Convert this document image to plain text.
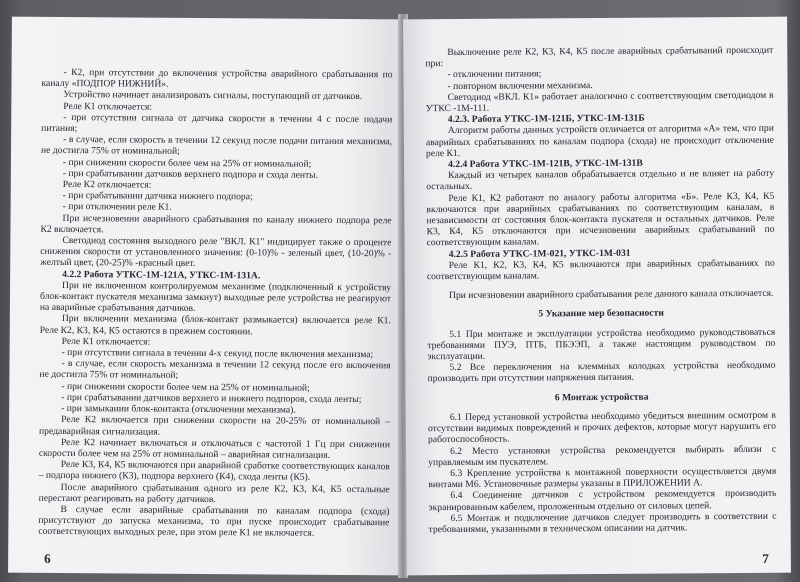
- К2, при отсутствии до включения устройства аварийного срабатывания по каналу «ПОДПОР НИЖНИЙ».

Устройство начинает анализировать сигналы, поступающий от датчиков.

Реле К1 отключается:

- при отсутствии сигнала от датчика скорости в течении 4 с после подачи питания;

- в случае, если скорость в течении 12 секунд после подачи питания механизма, не достигла 75% от номинальной;

- при снижении скорости более чем на 25% от номинальной;

- при срабатывании датчиков верхнего подпора и схода ленты.

Реле К2 отключается:

- при срабатывании датчика нижнего подпора;

- при отключении реле К1.

При исчезновении аварийного срабатывания по каналу нижнего подпора реле К2 включается.

Светодиод состояния выходного реле "ВКЛ. К1" индицирует также о процентe снижения скорости от установленного значения: (0-10)% - зеленый цвет, (10-20)% - желтый цвет, (20-25)% -красный цвет.

4.2.2 Работа УТКС-1М-121А, УТКС-1М-131А.

При не включенном контролируемом механизме (подключенный к устройству блок-контакт пускателя механизма замкнут) выходные реле устройства не реагируют на аварийные срабатывания датчиков.

При включении механизма (блок-контакт размыкается) включается реле К1. Реле К2, К3, К4, К5 остаются в прежнем состоянии.

Реле К1 отключается:

- при отсутствии сигнала в течении 4-х секунд после включения механизма;

- в случае, если скорость механизма в течении 12 секунд после его включения не достигла 75% от номинальной;

- при снижении скорости более чем на 25% от номинальной;

- при срабатывании датчиков верхнего и нижнего подпоров, схода ленты;

- при замыкании блок-контакта (отключении механизма).

Реле К2 включается при снижении скорости на 20-25% от номинальной – предаварийная сигнализация.

Реле К2 начинает включаться и отключаться с частотой 1 Гц при снижении скорости более чем на 25% от номинальной – аварийная сигнализация.

Реле К3, К4, К5 включаются при аварийной сработке соответствующих каналов – подпора нижнего (К3), подпора верхнего (К4), схода ленты (К5).

После аварийного срабатывания одного из реле К2, К3, К4, К5 остальные перестают реагировать на работу датчиков.

В случае если аварийные срабатывания по каналам подпора (схода) присутствуют до запуска механизма, то при пуске происходит срабатывание соответствующих выходных реле, при этом реле К1 не включается.

6

Выключение реле К2, К3, К4, К5 после аварийных срабатываний происходит при:

- отключении питания;

- повторном включении механизма.

Светодиод «ВКЛ. К1» работает аналогично с соответствующим светодиодом в УТКС -1М-111.

4.2.3. Работа УТКС-1М-121Б, УТКС-1М-131Б

Алгоритм работы данных устройств отличается от алгоритма «А» тем, что при аварийных срабатываниях по каналам подпора (схода) не происходит отключение реле К1.

4.2.4 Работа УТКС-1М-121В, УТКС-1М-131В

Каждый из четырех каналов обрабатывается отдельно и не влияет на работу остальных.

Реле К1, К2 работают по аналогу работы алгоритма «Б». Реле К3, К4, К5 включаются при аварийных срабатываниях по соответствующим каналам, в независимости от состояния блок-контакта пускателя и остальных датчиков. Реле К3, К4, К5 отключаются при исчезновении аварийных срабатываний по соответствующим каналам.

4.2.5 Работа УТКС-1М-021, УТКС-1М-031

Реле К1, К2, К3, К4, К5 включаются при аварийных срабатываниях по соответствующим каналам.

При исчезновении аварийного срабатывания реле данного канала отключается.

5 Указание мер безопасности

5.1 При монтаже и эксплуатации устройства необходимо руководствоваться требованиями ПУЭ, ПТБ, ПБЭЭП, а также настоящим руководством по эксплуатации.

5.2 Все переключения на клеммных колодках устройства необходимо производить при отсутствии напряжения питания.

6 Монтаж устройства

6.1 Перед установкой устройства необходимо убедиться внешним осмотром в отсутствии видимых повреждений и прочих дефектов, которые могут нарушить его работоспособность.

6.2 Место установки устройства рекомендуется выбирать вблизи с управляемым им пускателем.

6.3 Крепление устройства к монтажной поверхности осуществляется двумя винтами М6. Установочные размеры указаны в ПРИЛОЖЕНИИ А.

6.4 Соединение датчиков с устройством рекомендуется производить экранированным кабелем, проложенным отдельно от силовых цепей.

6.5 Монтаж и подключение датчиков следует производить в соответствии с требованиями, указанными в техническом описании на датчик.

7
